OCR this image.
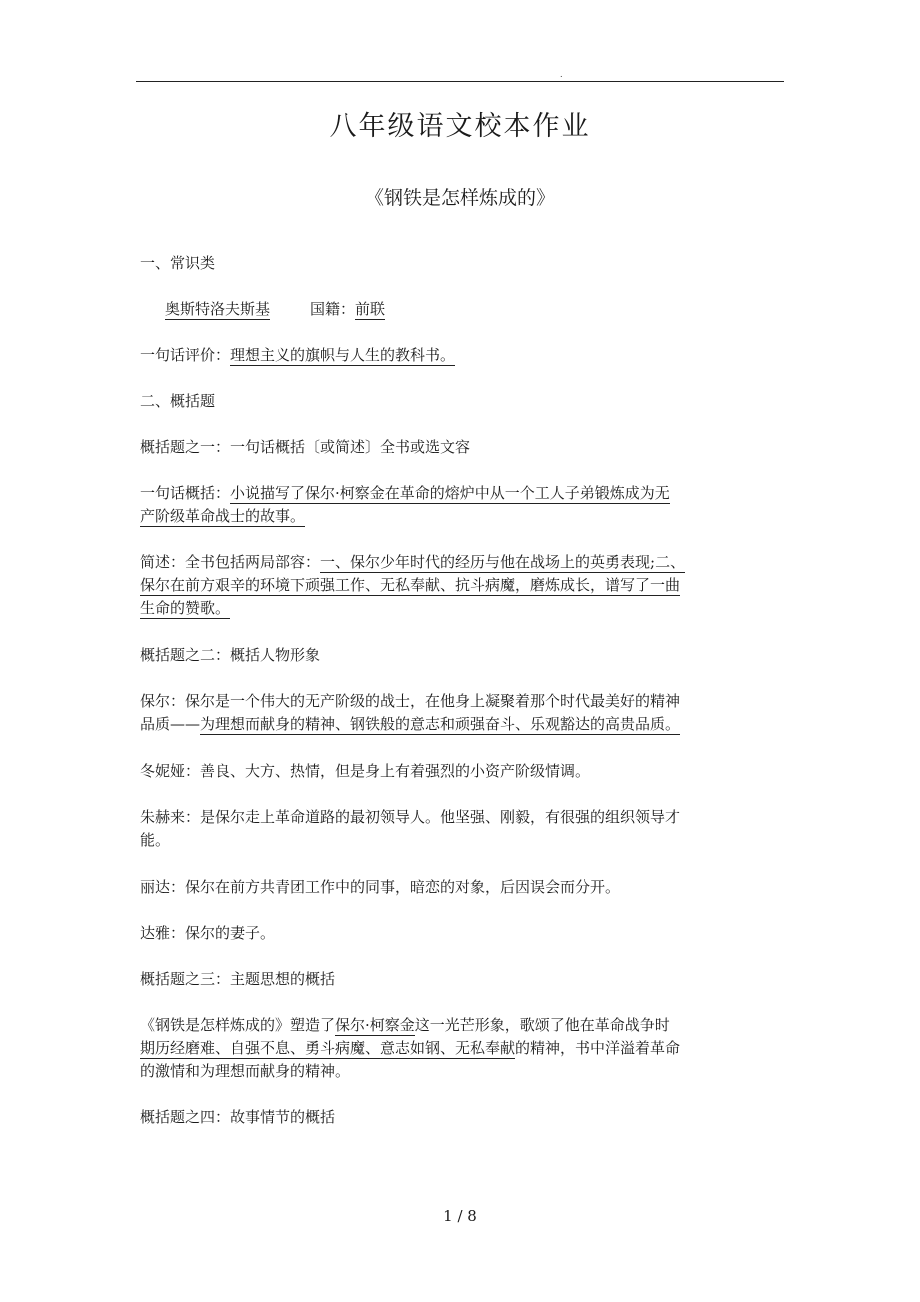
.
八年级语文校本作业
《钢铁是怎样炼成的》
一、常识类
奥斯特洛夫斯基	国籍：前联
一句话评价：理想主义的旗帜与人生的教科书。
二、概括题
概括题之一：一句话概括〔或简述〕全书或选文容
一句话概括：小说描写了保尔·柯察金在革命的熔炉中从一个工人子弟锻炼成为无
产阶级革命战士的故事。
简述：全书包括两局部容：一、保尔少年时代的经历与他在战场上的英勇表现;二、
保尔在前方艰辛的环境下顽强工作、无私奉献、抗斗病魔，磨炼成长，谱写了一曲
生命的赞歌。
概括题之二：概括人物形象
保尔：保尔是一个伟大的无产阶级的战士，在他身上凝聚着那个时代最美好的精神
品质——为理想而献身的精神、钢铁般的意志和顽强奋斗、乐观豁达的高贵品质。
冬妮娅：善良、大方、热情，但是身上有着强烈的小资产阶级情调。
朱赫来：是保尔走上革命道路的最初领导人。他坚强、刚毅，有很强的组织领导才
能。
丽达：保尔在前方共青团工作中的同事，暗恋的对象，后因误会而分开。
达雅：保尔的妻子。
概括题之三：主题思想的概括
《钢铁是怎样炼成的》塑造了保尔·柯察金这一光芒形象，歌颂了他在革命战争时
期历经磨难、自强不息、勇斗病魔、意志如钢、无私奉献的精神，书中洋溢着革命
的激情和为理想而献身的精神。
概括题之四：故事情节的概括
1 / 8
